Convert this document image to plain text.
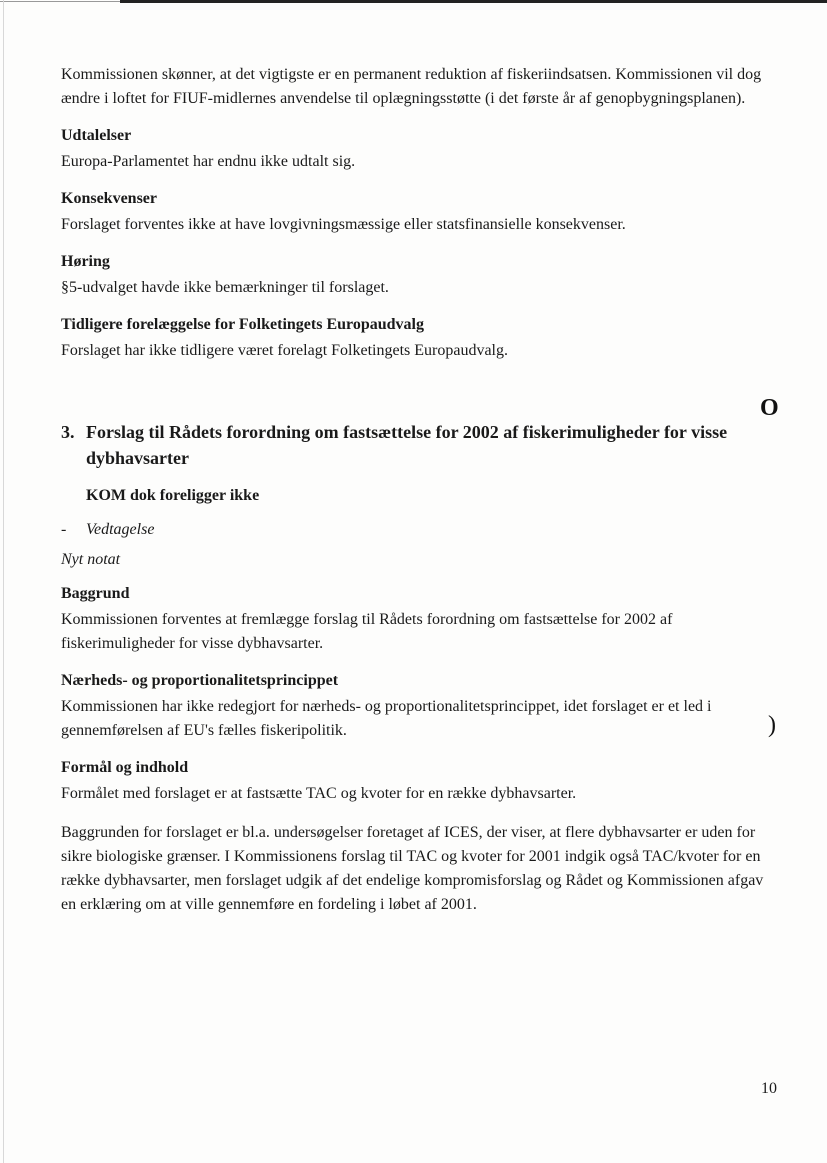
Kommissionen skønner, at det vigtigste er en permanent reduktion af fiskeriindsatsen. Kommissionen vil dog ændre i loftet for FIUF-midlernes anvendelse til oplægningsstøtte (i det første år af genopbygningsplanen).

Udtalelser

Europa-Parlamentet har endnu ikke udtalt sig.

Konsekvenser

Forslaget forventes ikke at have lovgivningsmæssige eller statsfinansielle konsekvenser.

Høring

§5-udvalget havde ikke bemærkninger til forslaget.

Tidligere forelæggelse for Folketingets Europaudvalg

Forslaget har ikke tidligere været forelagt Folketingets Europaudvalg.

3. Forslag til Rådets forordning om fastsættelse for 2002 af fiskerimuligheder for visse dybhavsarter
KOM dok foreligger ikke
- Vedtagelse
Nyt notat
Baggrund

Kommissionen forventes at fremlægge forslag til Rådets forordning om fastsættelse for 2002 af fiskerimuligheder for visse dybhavsarter.

Nærheds- og proportionalitetsprincippet

Kommissionen har ikke redegjort for nærheds- og proportionalitetsprincippet, idet forslaget er et led i gennemførelsen af EU's fælles fiskeripolitik.

Formål og indhold

Formålet med forslaget er at fastsætte TAC og kvoter for en række dybhavsarter.

Baggrunden for forslaget er bl.a. undersøgelser foretaget af ICES, der viser, at flere dybhavsarter er uden for sikre biologiske grænser. I Kommissionens forslag til TAC og kvoter for 2001 indgik også TAC/kvoter for en række dybhavsarter, men forslaget udgik af det endelige kompromisforslag og Rådet og Kommissionen afgav en erklæring om at ville gennemføre en fordeling i løbet af 2001.

O
)
10
